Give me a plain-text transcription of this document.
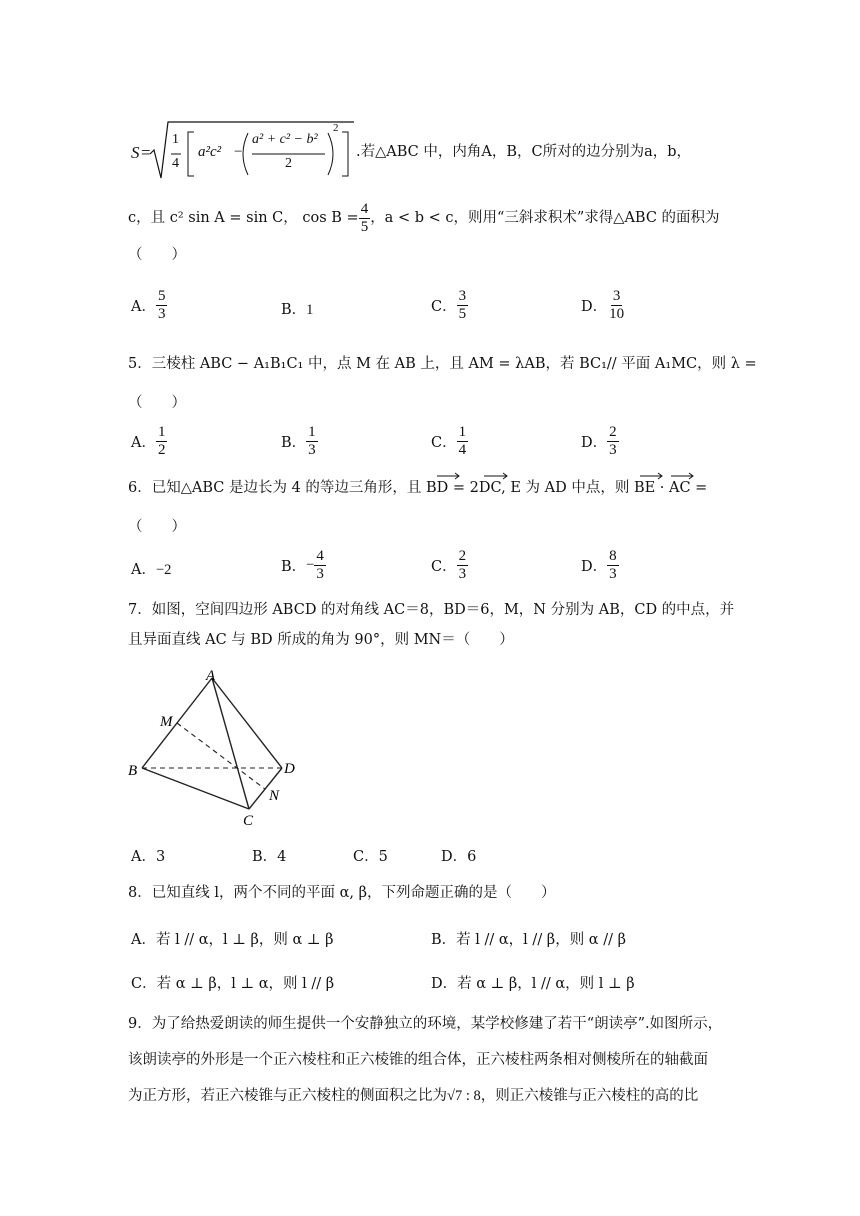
S =
1
4
a²c² −
a² + c² − b²
2
2
.若△ABC 中，内角A，B，C所对的边分别为a，b，
c，且 c² sin A = sin C， $\cos B = \frac{4}{5}$ ，a < b < c，则用“三斜求积术”求得△ABC 的面积为
（　　）
A． $\frac{5}{3}$	B．1	C． $\frac{3}{5}$	D． $\frac{3}{10}$
5．三棱柱 ABC − A₁B₁C₁ 中，点 M 在 AB 上，且 AM = λAB，若 BC₁// 平面 A₁MC，则 λ =
（　　）
A． $\frac{1}{2}$	B． $\frac{1}{3}$	C． $\frac{1}{4}$	D． $\frac{2}{3}$
6．已知△ABC 是边长为 4 的等边三角形，且 BD = 2DC, E 为 AD 中点，则 BE · AC =
（　　）
A．−2	B． − $\frac{4}{3}$	C． $\frac{2}{3}$	D． $\frac{8}{3}$
7．如图，空间四边形 ABCD 的对角线 AC＝8，BD＝6，M，N 分别为 AB，CD 的中点，并
且异面直线 AC 与 BD 所成的角为 90°，则 MN＝（　　）
A
M
B	D
N
C
A．3	B．4	C．5	D．6
8．已知直线 l，两个不同的平面 α, β，下列命题正确的是（　　）
A．若 l // α，l ⊥ β，则 α ⊥ β	B．若 l // α，l // β，则 α // β
C．若 α ⊥ β，l ⊥ α，则 l // β	D．若 α ⊥ β，l // α，则 l ⊥ β
9．为了给热爱朗读的师生提供一个安静独立的环境，某学校修建了若干“朗读亭”.如图所示，
该朗读亭的外形是一个正六棱柱和正六棱锥的组合体，正六棱柱两条相对侧棱所在的轴截面
为正方形，若正六棱锥与正六棱柱的侧面积之比为√7 : 8，则正六棱锥与正六棱柱的高的比
